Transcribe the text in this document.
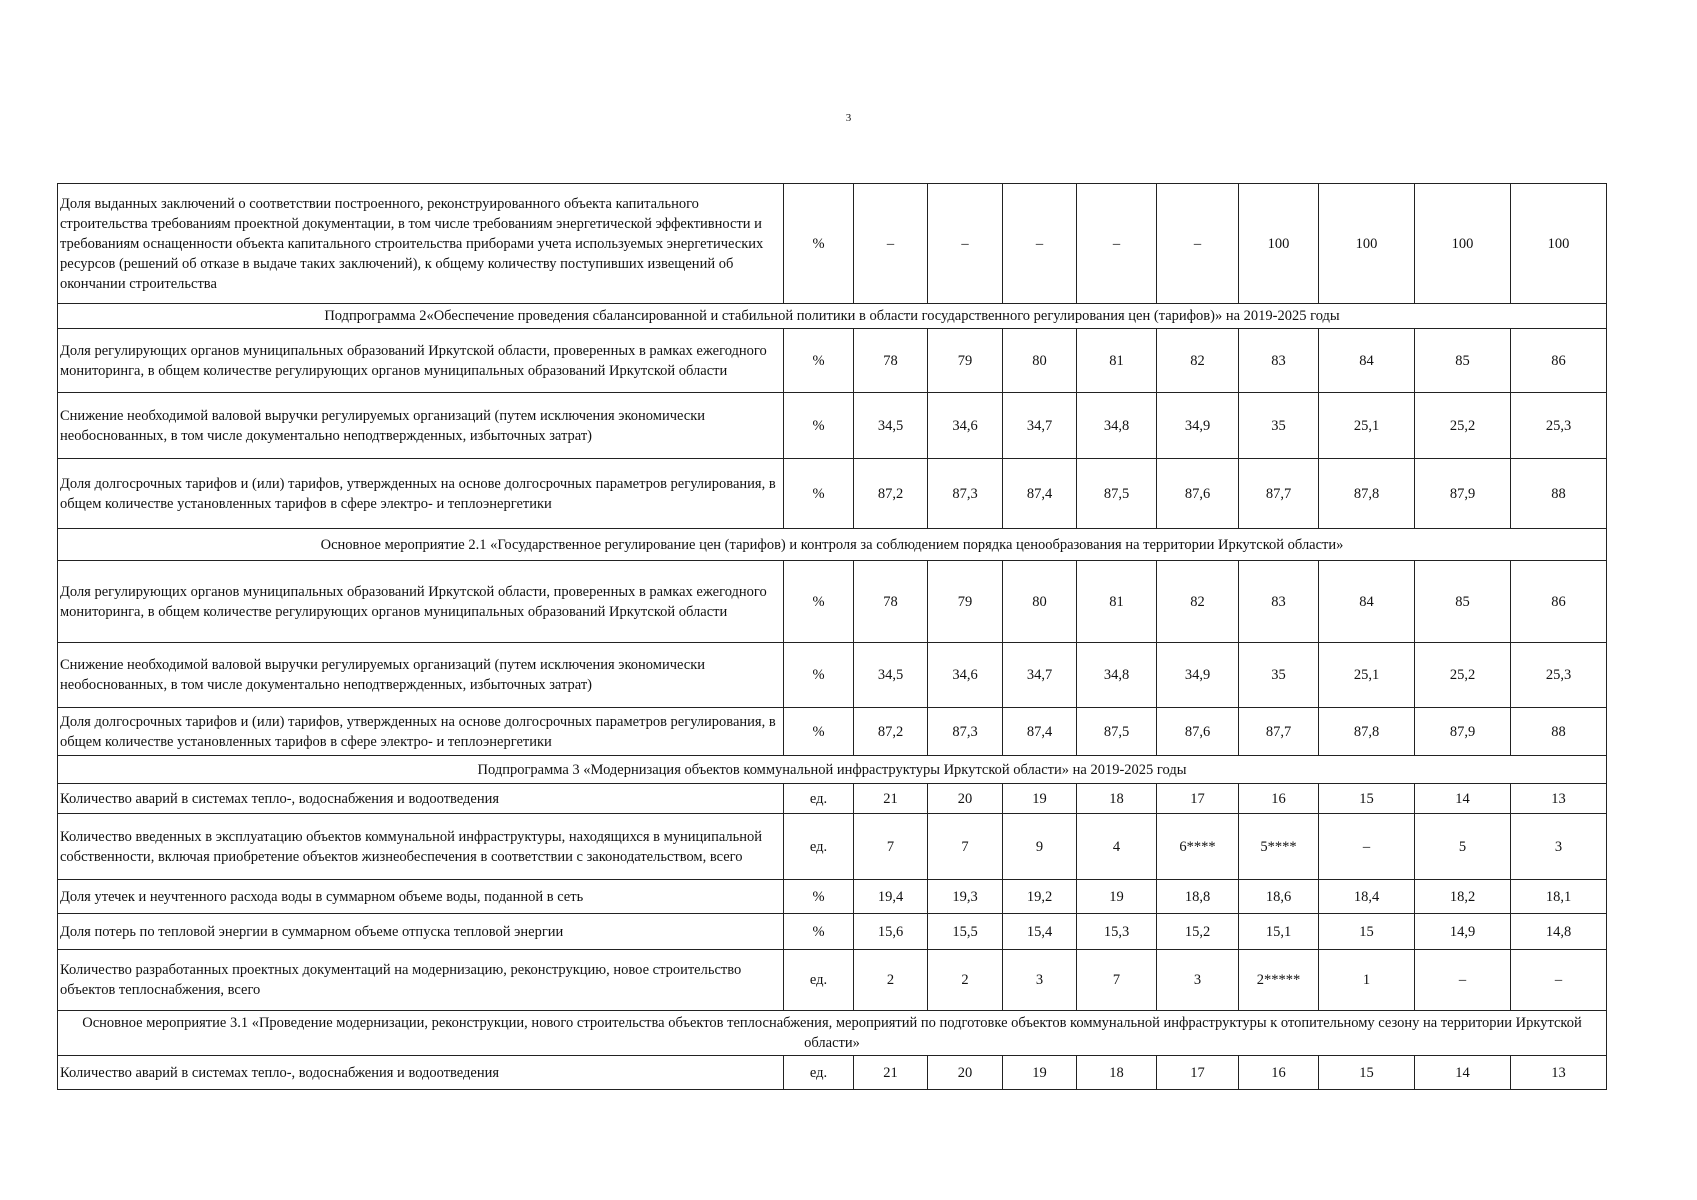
3
Доля выданных заключений о соответствии построенного, реконструированного объекта капитального строительства требованиям проектной документации, в том числе требованиям энергетической эффективности и требованиям оснащенности объекта капитального строительства приборами учета используемых энергетических ресурсов (решений об отказе в выдаче таких заключений), к общему количеству поступивших извещений об окончании строительства	%	–	–	–	–	–	100	100	100	100
Подпрограмма 2«Обеспечение проведения сбалансированной и стабильной политики в области государственного регулирования цен (тарифов)» на 2019-2025 годы										
Доля регулирующих органов муниципальных образований Иркутской области, проверенных в рамках ежегодного мониторинга, в общем количестве регулирующих органов муниципальных образований Иркутской области	%	78	79	80	81	82	83	84	85	86
Снижение необходимой валовой выручки регулируемых организаций (путем исключения экономически необоснованных, в том числе документально неподтвержденных, избыточных затрат)	%	34,5	34,6	34,7	34,8	34,9	35	25,1	25,2	25,3
Доля долгосрочных тарифов и (или) тарифов, утвержденных на основе долгосрочных параметров регулирования, в общем количестве установленных тарифов в сфере электро- и теплоэнергетики	%	87,2	87,3	87,4	87,5	87,6	87,7	87,8	87,9	88
Основное мероприятие 2.1 «Государственное регулирование цен (тарифов) и контроля за соблюдением порядка ценообразования на территории Иркутской области»										
Доля регулирующих органов муниципальных образований Иркутской области, проверенных в рамках ежегодного мониторинга, в общем количестве регулирующих органов муниципальных образований Иркутской области	%	78	79	80	81	82	83	84	85	86
Снижение необходимой валовой выручки регулируемых организаций (путем исключения экономически необоснованных, в том числе документально неподтвержденных, избыточных затрат)	%	34,5	34,6	34,7	34,8	34,9	35	25,1	25,2	25,3
Доля долгосрочных тарифов и (или) тарифов, утвержденных на основе долгосрочных параметров регулирования, в общем количестве установленных тарифов в сфере электро- и теплоэнергетики	%	87,2	87,3	87,4	87,5	87,6	87,7	87,8	87,9	88
Подпрограмма 3 «Модернизация объектов коммунальной инфраструктуры Иркутской области» на 2019-2025 годы										
Количество аварий в системах тепло-, водоснабжения и водоотведения	ед.	21	20	19	18	17	16	15	14	13
Количество введенных в эксплуатацию объектов коммунальной инфраструктуры, находящихся в муниципальной собственности, включая приобретение объектов жизнеобеспечения в соответствии с законодательством, всего	ед.	7	7	9	4	6****	5****	–	5	3
Доля утечек и неучтенного расхода воды в суммарном объеме воды, поданной в сеть	%	19,4	19,3	19,2	19	18,8	18,6	18,4	18,2	18,1
Доля потерь по тепловой энергии в суммарном объеме отпуска тепловой энергии	%	15,6	15,5	15,4	15,3	15,2	15,1	15	14,9	14,8
Количество разработанных проектных документаций на модернизацию, реконструкцию, новое строительство объектов теплоснабжения, всего	ед.	2	2	3	7	3	2*****	1	–	–
Основное мероприятие 3.1 «Проведение модернизации, реконструкции, нового строительства объектов теплоснабжения, мероприятий по подготовке объектов коммунальной инфраструктуры к отопительному сезону на территории Иркутской области»										
Количество аварий в системах тепло-, водоснабжения и водоотведения	ед.	21	20	19	18	17	16	15	14	13
